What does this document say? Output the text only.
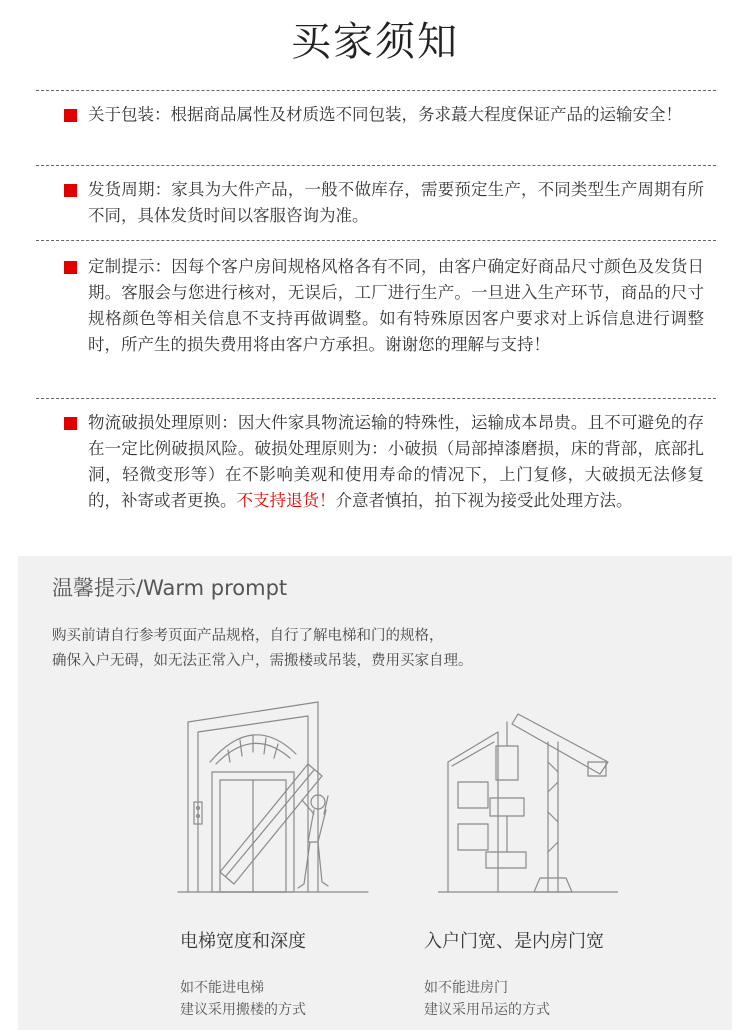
买家须知
关于包装：根据商品属性及材质选不同包装，务求蕞大程度保证产品的运输安全！
发货周期：家具为大件产品，一般不做库存，需要预定生产，不同类型生产周期有所不同，具体发货时间以客服咨询为准。
定制提示：因每个客户房间规格风格各有不同，由客户确定好商品尺寸颜色及发货日期。客服会与您进行核对，无误后，工厂进行生产。一旦进入生产环节，商品的尺寸规格颜色等相关信息不支持再做调整。如有特殊原因客户要求对上诉信息进行调整时，所产生的损失费用将由客户方承担。谢谢您的理解与支持！
物流破损处理原则：因大件家具物流运输的特殊性，运输成本昂贵。且不可避免的存在一定比例破损风险。破损处理原则为：小破损（局部掉漆磨损，床的背部，底部扎洞，轻微变形等）在不影响美观和使用寿命的情况下，上门复修，大破损无法修复的，补寄或者更换。不支持退货！介意者慎拍，拍下视为接受此处理方法。
温馨提示/Warm prompt
购买前请自行参考页面产品规格，自行了解电梯和门的规格，
确保入户无碍，如无法正常入户，需搬楼或吊装，费用买家自理。
电梯宽度和深度
如不能进电梯
建议采用搬楼的方式
入户门宽、是内房门宽
如不能进房门
建议采用吊运的方式
